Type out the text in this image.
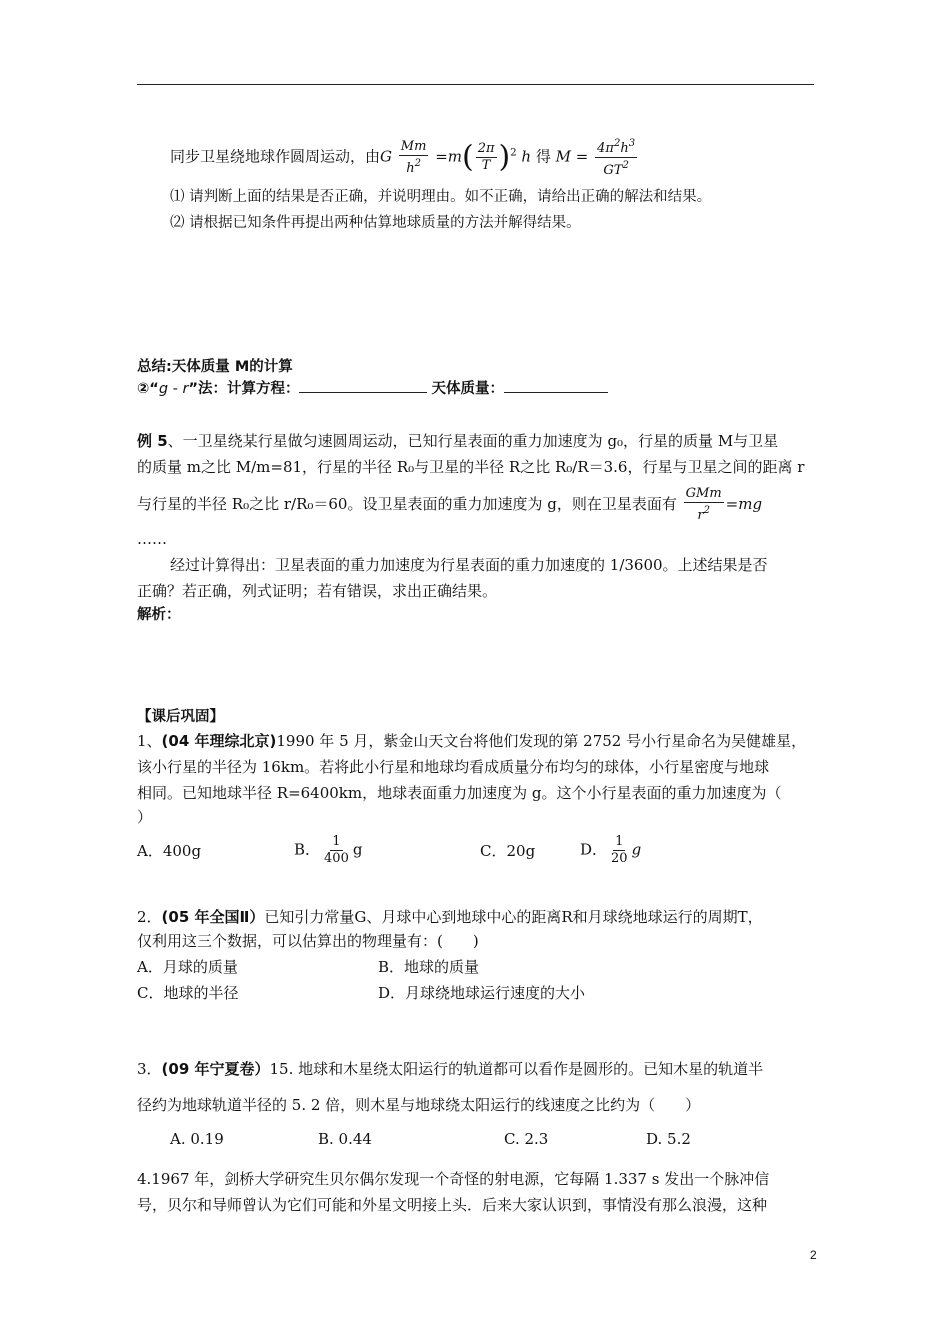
同步卫星绕地球作圆周运动，由G $\frac{Mm}{h^2} =m( \frac{2\pi}{T} )^2$ h 得 $M = \frac{4\pi^2h^3}{GT^2}$
⑴ 请判断上面的结果是否正确，并说明理由。如不正确，请给出正确的解法和结果。
⑵ 请根据已知条件再提出两种估算地球质量的方法并解得结果。
总结:天体质量 M的计算
②“g - r”法：计算方程：	天体质量：
例 5、一卫星绕某行星做匀速圆周运动，已知行星表面的重力加速度为 g₀，行星的质量 M与卫星
的质量 m之比 M/m=81，行星的半径 R₀与卫星的半径 R之比 R₀/R＝3.6，行星与卫星之间的距离 r
与行星的半径 R₀之比 r/R₀＝60。设卫星表面的重力加速度为 g，则在卫星表面有 $\frac{\text{GMm}}{r^2} =mg$
……
经过计算得出：卫星表面的重力加速度为行星表面的重力加速度的 1/3600。上述结果是否
正确？若正确，列式证明；若有错误，求出正确结果。
解析：
【课后巩固】
1、(04 年理综北京)1990 年 5 月，紫金山天文台将他们发现的第 2752 号小行星命名为吴健雄星，
该小行星的半径为 16km。若将此小行星和地球均看成质量分布均匀的球体，小行星密度与地球
相同。已知地球半径 R=6400km，地球表面重力加速度为 g。这个小行星表面的重力加速度为（
）
A．400g	B． $\frac{1}{400}$ g	C．20g	D． $\frac{1}{20}$ g
2．(05 年全国Ⅱ）已知引力常量G、月球中心到地球中心的距离R和月球绕地球运行的周期T，
仅利用这三个数据，可以估算出的物理量有：(　　)
A．月球的质量	B．地球的质量
C．地球的半径	D．月球绕地球运行速度的大小
3．(09 年宁夏卷）15. 地球和木星绕太阳运行的轨道都可以看作是圆形的。已知木星的轨道半
径约为地球轨道半径的 5. 2 倍，则木星与地球绕太阳运行的线速度之比约为（　　）
A. 0.19	B. 0.44	C. 2.3	D. 5.2
4.1967 年，剑桥大学研究生贝尔偶尔发现一个奇怪的射电源，它每隔 1.337 s 发出一个脉冲信
号，贝尔和导师曾认为它们可能和外星文明接上头．后来大家认识到，事情没有那么浪漫，这种
2
